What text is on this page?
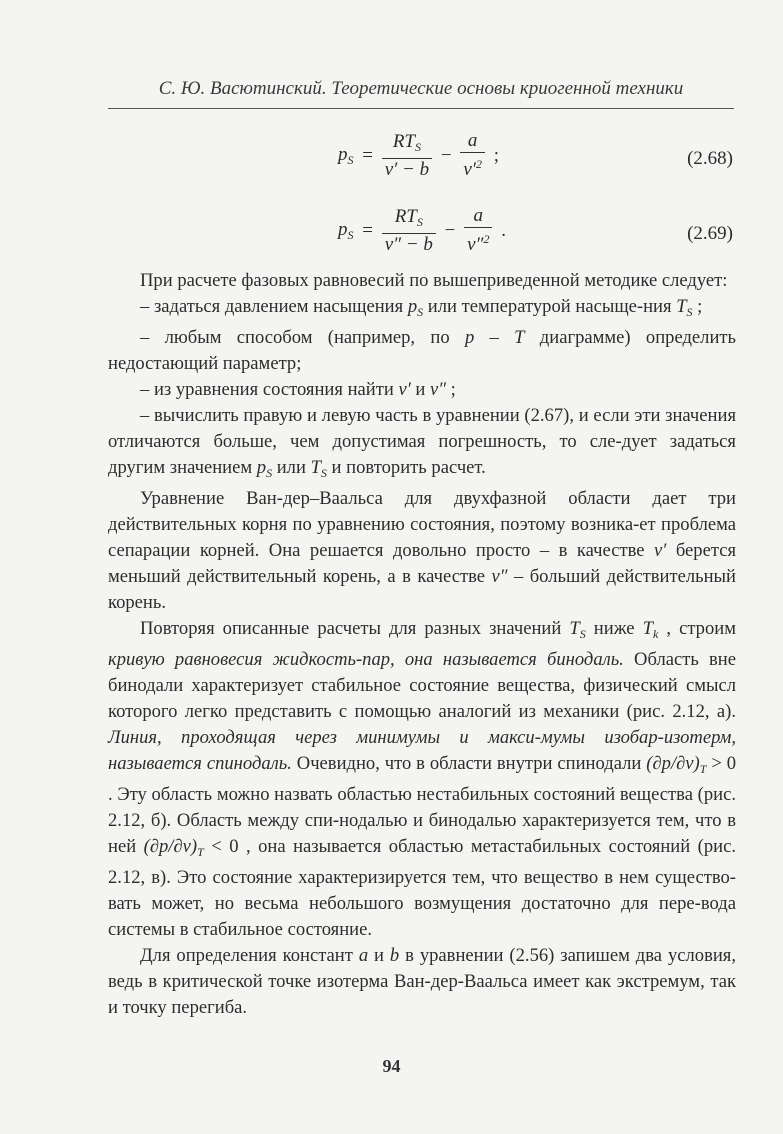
С. Ю. Васютинский. Теоретические основы криогенной техники
$p_S = \frac{RT_S}{v' - b} - \frac{a}{v'^2}$ ;	(2.68)
$p_S = \frac{RT_S}{v'' - b} - \frac{a}{v''^2}$ .	(2.69)

При расчете фазовых равновесий по вышеприведенной методике следует:

– задаться давлением насыщения $p_S$ или температурой насыще-ния $T_S$ ;

– любым способом (например, по p – T диаграмме) определить недостающий параметр;

– из уравнения состояния найти v′ и v″ ;

– вычислить правую и левую часть в уравнении (2.67), и если эти значения отличаются больше, чем допустимая погрешность, то сле-дует задаться другим значением $p_S$ или $T_S$ и повторить расчет.

Уравнение Ван-дер–Ваальса для двухфазной области дает три действительных корня по уравнению состояния, поэтому возника-ет проблема сепарации корней. Она решается довольно просто – в качестве v′ берется меньший действительный корень, а в качестве v″ – больший действительный корень.

Повторяя описанные расчеты для разных значений $T_S$ ниже $T_k$ , строим кривую равновесия жидкость-пар, она называется бинодаль. Область вне бинодали характеризует стабильное состояние вещества, физический смысл которого легко представить с помощью аналогий из механики (рис. 2.12, а). Линия, проходящая через минимумы и макси-мумы изобар-изотерм, называется спинодаль. Очевидно, что в области внутри спинодали $(\partial p/\partial v)_T > 0$ . Эту область можно назвать областью нестабильных состояний вещества (рис. 2.12, б). Область между спи-нодалью и бинодалью характеризуется тем, что в ней $(\partial p/\partial v)_T < 0$ , она называется областью метастабильных состояний (рис. 2.12, в). Это состояние характеризируется тем, что вещество в нем существо-вать может, но весьма небольшого возмущения достаточно для пере-вода системы в стабильное состояние.

Для определения констант a и b в уравнении (2.56) запишем два условия, ведь в критической точке изотерма Ван-дер-Ваальса имеет как экстремум, так и точку перегиба.

94
